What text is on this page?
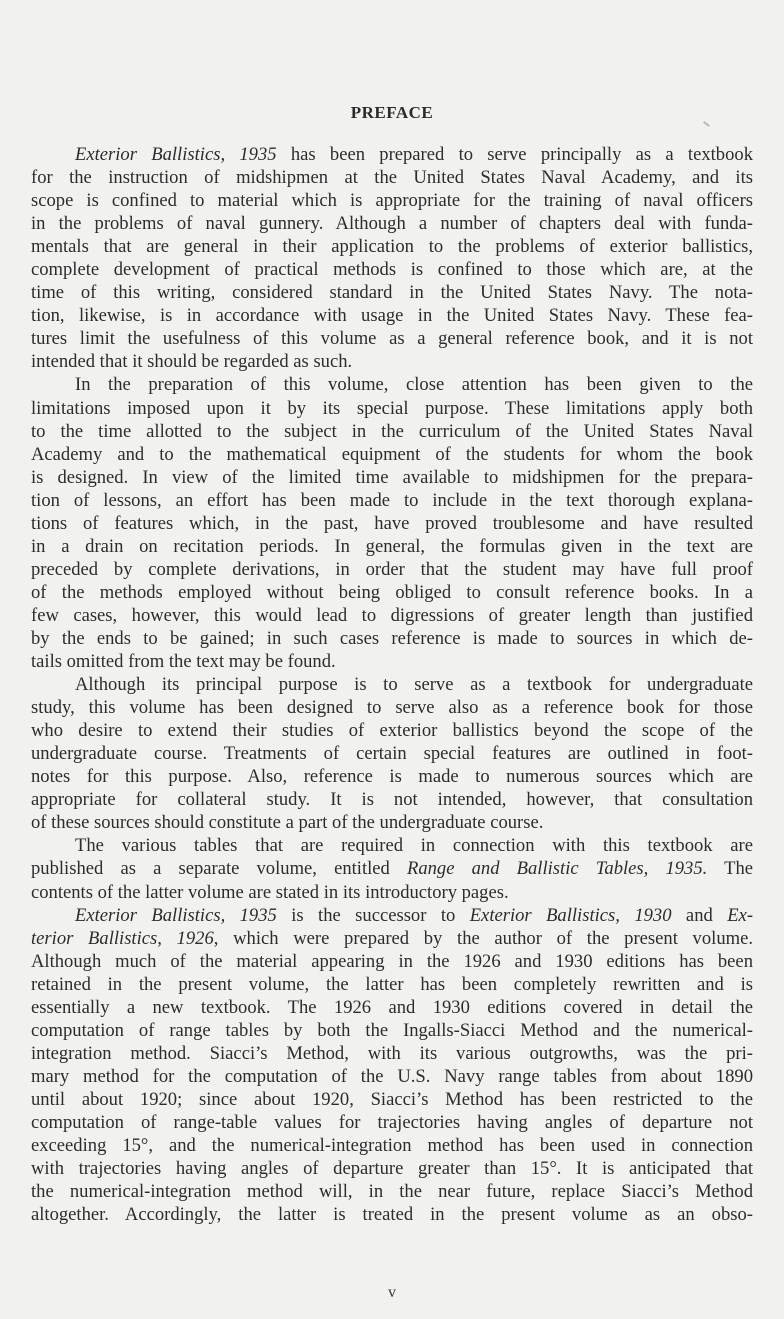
PREFACE
Exterior Ballistics, 1935 has been prepared to serve principally as a textbook
for the instruction of midshipmen at the United States Naval Academy, and its
scope is confined to material which is appropriate for the training of naval officers
in the problems of naval gunnery. Although a number of chapters deal with funda-
mentals that are general in their application to the problems of exterior ballistics,
complete development of practical methods is confined to those which are, at the
time of this writing, considered standard in the United States Navy. The nota-
tion, likewise, is in accordance with usage in the United States Navy. These fea-
tures limit the usefulness of this volume as a general reference book, and it is not
intended that it should be regarded as such.
In the preparation of this volume, close attention has been given to the
limitations imposed upon it by its special purpose. These limitations apply both
to the time allotted to the subject in the curriculum of the United States Naval
Academy and to the mathematical equipment of the students for whom the book
is designed. In view of the limited time available to midshipmen for the prepara-
tion of lessons, an effort has been made to include in the text thorough explana-
tions of features which, in the past, have proved troublesome and have resulted
in a drain on recitation periods. In general, the formulas given in the text are
preceded by complete derivations, in order that the student may have full proof
of the methods employed without being obliged to consult reference books. In a
few cases, however, this would lead to digressions of greater length than justified
by the ends to be gained; in such cases reference is made to sources in which de-
tails omitted from the text may be found.
Although its principal purpose is to serve as a textbook for undergraduate
study, this volume has been designed to serve also as a reference book for those
who desire to extend their studies of exterior ballistics beyond the scope of the
undergraduate course. Treatments of certain special features are outlined in foot-
notes for this purpose. Also, reference is made to numerous sources which are
appropriate for collateral study. It is not intended, however, that consultation
of these sources should constitute a part of the undergraduate course.
The various tables that are required in connection with this textbook are
published as a separate volume, entitled Range and Ballistic Tables, 1935. The
contents of the latter volume are stated in its introductory pages.
Exterior Ballistics, 1935 is the successor to Exterior Ballistics, 1930 and Ex-
terior Ballistics, 1926, which were prepared by the author of the present volume.
Although much of the material appearing in the 1926 and 1930 editions has been
retained in the present volume, the latter has been completely rewritten and is
essentially a new textbook. The 1926 and 1930 editions covered in detail the
computation of range tables by both the Ingalls-Siacci Method and the numerical-
integration method. Siacci’s Method, with its various outgrowths, was the pri-
mary method for the computation of the U.S. Navy range tables from about 1890
until about 1920; since about 1920, Siacci’s Method has been restricted to the
computation of range-table values for trajectories having angles of departure not
exceeding 15°, and the numerical-integration method has been used in connection
with trajectories having angles of departure greater than 15°. It is anticipated that
the numerical-integration method will, in the near future, replace Siacci’s Method
altogether. Accordingly, the latter is treated in the present volume as an obso-
v
